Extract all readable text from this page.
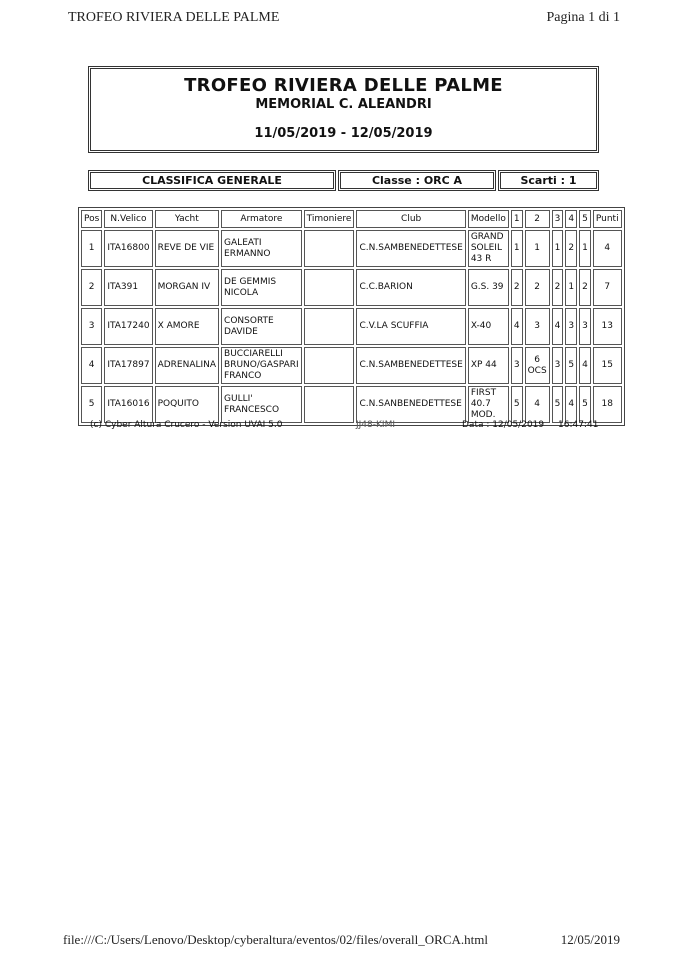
TROFEO RIVIERA DELLE PALME	Pagina 1 di 1
TROFEO RIVIERA DELLE PALME
MEMORIAL C. ALEANDRI
11/05/2019 - 12/05/2019
CLASSIFICA GENERALE	Classe : ORC A	Scarti : 1
Pos	N.Velico	Yacht	Armatore	Timoniere	Club	Modello	1	2	3	4	5	Punti
1	ITA16800	REVE DE VIE	GALEATI ERMANNO		C.N.SAMBENEDETTESE	GRAND SOLEIL 43 R	1	1	1	2	1	4
2	ITA391	MORGAN IV	DE GEMMIS NICOLA		C.C.BARION	G.S. 39	2	2	2	1	2	7
3	ITA17240	X AMORE	CONSORTE DAVIDE		C.V.LA SCUFFIA	X-40	4	3	4	3	3	13
4	ITA17897	ADRENALINA	BUCCIARELLI BRUNO/GASPARI FRANCO		C.N.SAMBENEDETTESE	XP 44	3	6 OCS	3	5	4	15
5	ITA16016	POQUITO	GULLI' FRANCESCO		C.N.SANBENEDETTESE	FIRST 40.7 MOD.	5	4	5	4	5	18
(c) Cyber Altura Crucero - Version UVAI 5.0	JJ48-KIMI	Data : 12/05/2019 16:47:41
file:///C:/Users/Lenovo/Desktop/cyberaltura/eventos/02/files/overall_ORCA.html	12/05/2019
